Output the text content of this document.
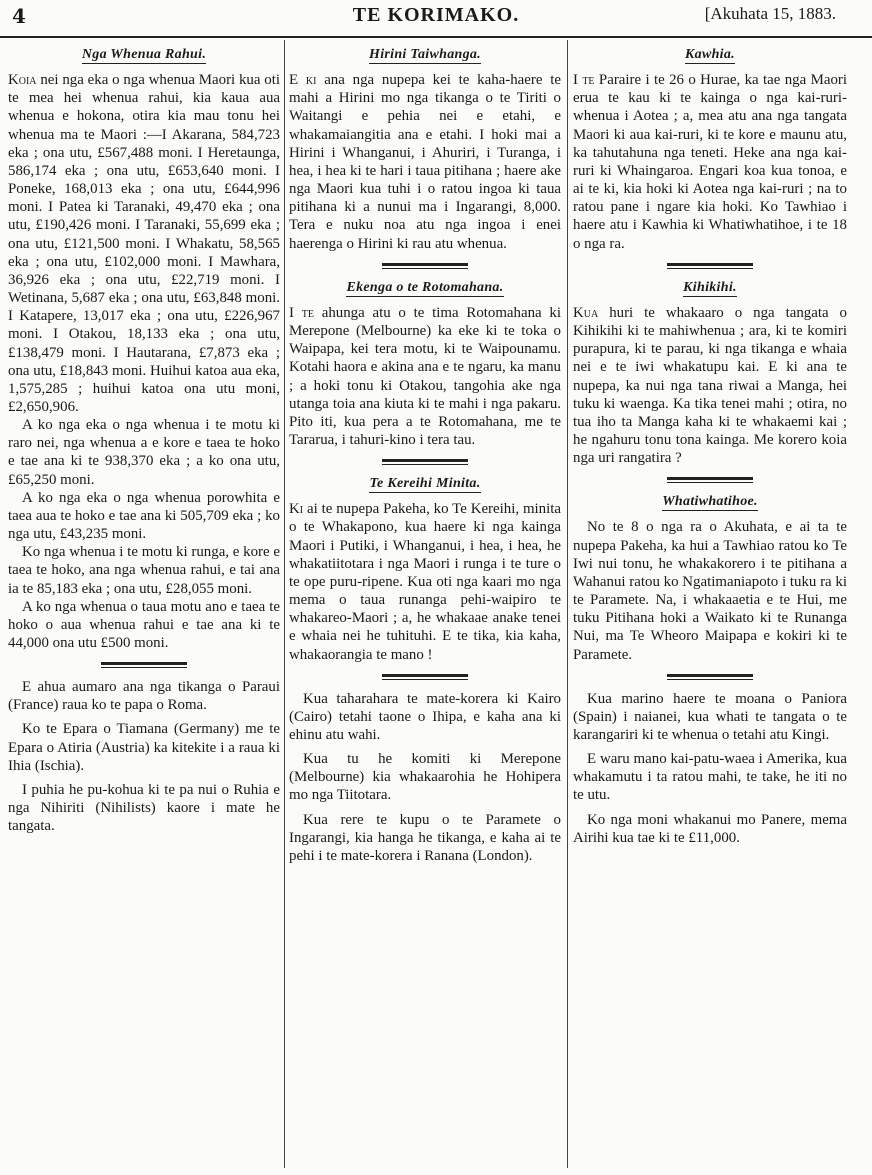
4	TE KORIMAKO.	[Akuhata 15, 1883.
Nga Whenua Rahui.

Koia nei nga eka o nga whenua Maori kua oti te mea hei whenua rahui, kia kaua aua whenua e hokona, otira kia mau tonu hei whenua ma te Maori :—I Akarana, 584,723 eka ; ona utu, £567,488 moni. I Heretaunga, 586,174 eka ; ona utu, £653,640 moni. I Poneke, 168,013 eka ; ona utu, £644,996 moni. I Patea ki Taranaki, 49,470 eka ; ona utu, £190,426 moni. I Taranaki, 55,699 eka ; ona utu, £121,500 moni. I Whakatu, 58,565 eka ; ona utu, £102,000 moni. I Mawhara, 36,926 eka ; ona utu, £22,719 moni. I Wetinana, 5,687 eka ; ona utu, £63,848 moni. I Katapere, 13,017 eka ; ona utu, £226,967 moni. I Otakou, 18,133 eka ; ona utu, £138,479 moni. I Hautarana, £7,873 eka ; ona utu, £18,843 moni. Huihui katoa aua eka, 1,575,285 ; huihui katoa ona utu moni, £2,650,906.

A ko nga eka o nga whenua i te motu ki raro nei, nga whenua a e kore e taea te hoko e tae ana ki te 938,370 eka ; a ko ona utu, £65,250 moni.

A ko nga eka o nga whenua porowhita e taea aua te hoko e tae ana ki 505,709 eka ; ko nga utu, £43,235 moni.

Ko nga whenua i te motu ki runga, e kore e taea te hoko, ana nga whenua rahui, e tai ana ia te 85,183 eka ; ona utu, £28,055 moni.

A ko nga whenua o taua motu ano e taea te hoko o aua whenua rahui e tae ana ki te 44,000 ona utu £500 moni.

E ahua aumaro ana nga tikanga o Paraui (France) raua ko te papa o Roma.

Ko te Epara o Tiamana (Germany) me te Epara o Atiria (Austria) ka kitekite i a raua ki Ihia (Ischia).

I puhia he pu-kohua ki te pa nui o Ruhia e nga Nihiriti (Nihilists) kaore i mate he tangata.

Hirini Taiwhanga.

E ki ana nga nupepa kei te kaha-haere te mahi a Hirini mo nga tikanga o te Tiriti o Waitangi e pehia nei e etahi, e whakamaiangitia ana e etahi. I hoki mai a Hirini i Whanganui, i Ahuriri, i Turanga, i hea, i hea ki te hari i taua pitihana ; haere ake nga Maori kua tuhi i o ratou ingoa ki taua pitihana ki a nunui ma i Ingarangi, 8,000. Tera e nuku noa atu nga ingoa i enei haerenga o Hirini ki rau atu whenua.

Ekenga o te Rotomahana.

I te ahunga atu o te tima Rotomahana ki Merepone (Melbourne) ka eke ki te toka o Waipapa, kei tera motu, ki te Waipounamu. Kotahi haora e akina ana e te ngaru, ka manu ; a hoki tonu ki Otakou, tangohia ake nga utanga toia ana kiuta ki te mahi i nga pakaru. Pito iti, kua pera a te Rotomahana, me te Tararua, i tahuri-kino i tera tau.

Te Kereihi Minita.

Ki ai te nupepa Pakeha, ko Te Kereihi, minita o te Whakapono, kua haere ki nga kainga Maori i Putiki, i Whanganui, i hea, i hea, he whakatiitotara i nga Maori i runga i te ture o te ope puru-ripene. Kua oti nga kaari mo nga mema o taua runanga pehi-waipiro te whakareo-Maori ; a, he whakaae anake tenei e whaia nei he tuhituhi. E te tika, kia kaha, whakaorangia te mano !

Kua taharahara te mate-korera ki Kairo (Cairo) tetahi taone o Ihipa, e kaha ana ki ehinu atu wahi.

Kua tu he komiti ki Merepone (Melbourne) kia whakaarohia he Hohipera mo nga Tiitotara.

Kua rere te kupu o te Paramete o Ingarangi, kia hanga he tikanga, e kaha ai te pehi i te mate-korera i Ranana (London).

Kawhia.

I te Paraire i te 26 o Hurae, ka tae nga Maori erua te kau ki te kainga o nga kai-ruri-whenua i Aotea ; a, mea atu ana nga tangata Maori ki aua kai-ruri, ki te kore e maunu atu, ka tahutahuna nga teneti. Heke ana nga kai-ruri ki Whaingaroa. Engari koa kua tonoa, e ai te ki, kia hoki ki Aotea nga kai-ruri ; na to ratou pane i ngare kia hoki. Ko Tawhiao i haere atu i Kawhia ki Whatiwhatihoe, i te 18 o nga ra.

Kihikihi.

Kua huri te whakaaro o nga tangata o Kihikihi ki te mahiwhenua ; ara, ki te komiri purapura, ki te parau, ki nga tikanga e whaia nei e te iwi whakatupu kai. E ki ana te nupepa, ka nui nga tana riwai a Manga, hei tuku ki waenga. Ka tika tenei mahi ; otira, no tua iho ta Manga kaha ki te whakaemi kai ; he ngahuru tonu tona kainga. Me korero koia nga uri rangatira ?

Whatiwhatihoe.

No te 8 o nga ra o Akuhata, e ai ta te nupepa Pakeha, ka hui a Tawhiao ratou ko Te Iwi nui tonu, he whakakorero i te pitihana a Wahanui ratou ko Ngatimaniapoto i tuku ra ki te Paramete. Na, i whakaaetia e te Hui, me tuku Pitihana hoki a Waikato ki te Runanga Nui, ma Te Wheoro Maipapa e kokiri ki te Paramete.

Kua marino haere te moana o Paniora (Spain) i naianei, kua whati te tangata o te karangariri ki te whenua o tetahi atu Kingi.

E waru mano kai-patu-waea i Amerika, kua whakamutu i ta ratou mahi, te take, he iti no te utu.

Ko nga moni whakanui mo Panere, mema Airihi kua tae ki te £11,000.
